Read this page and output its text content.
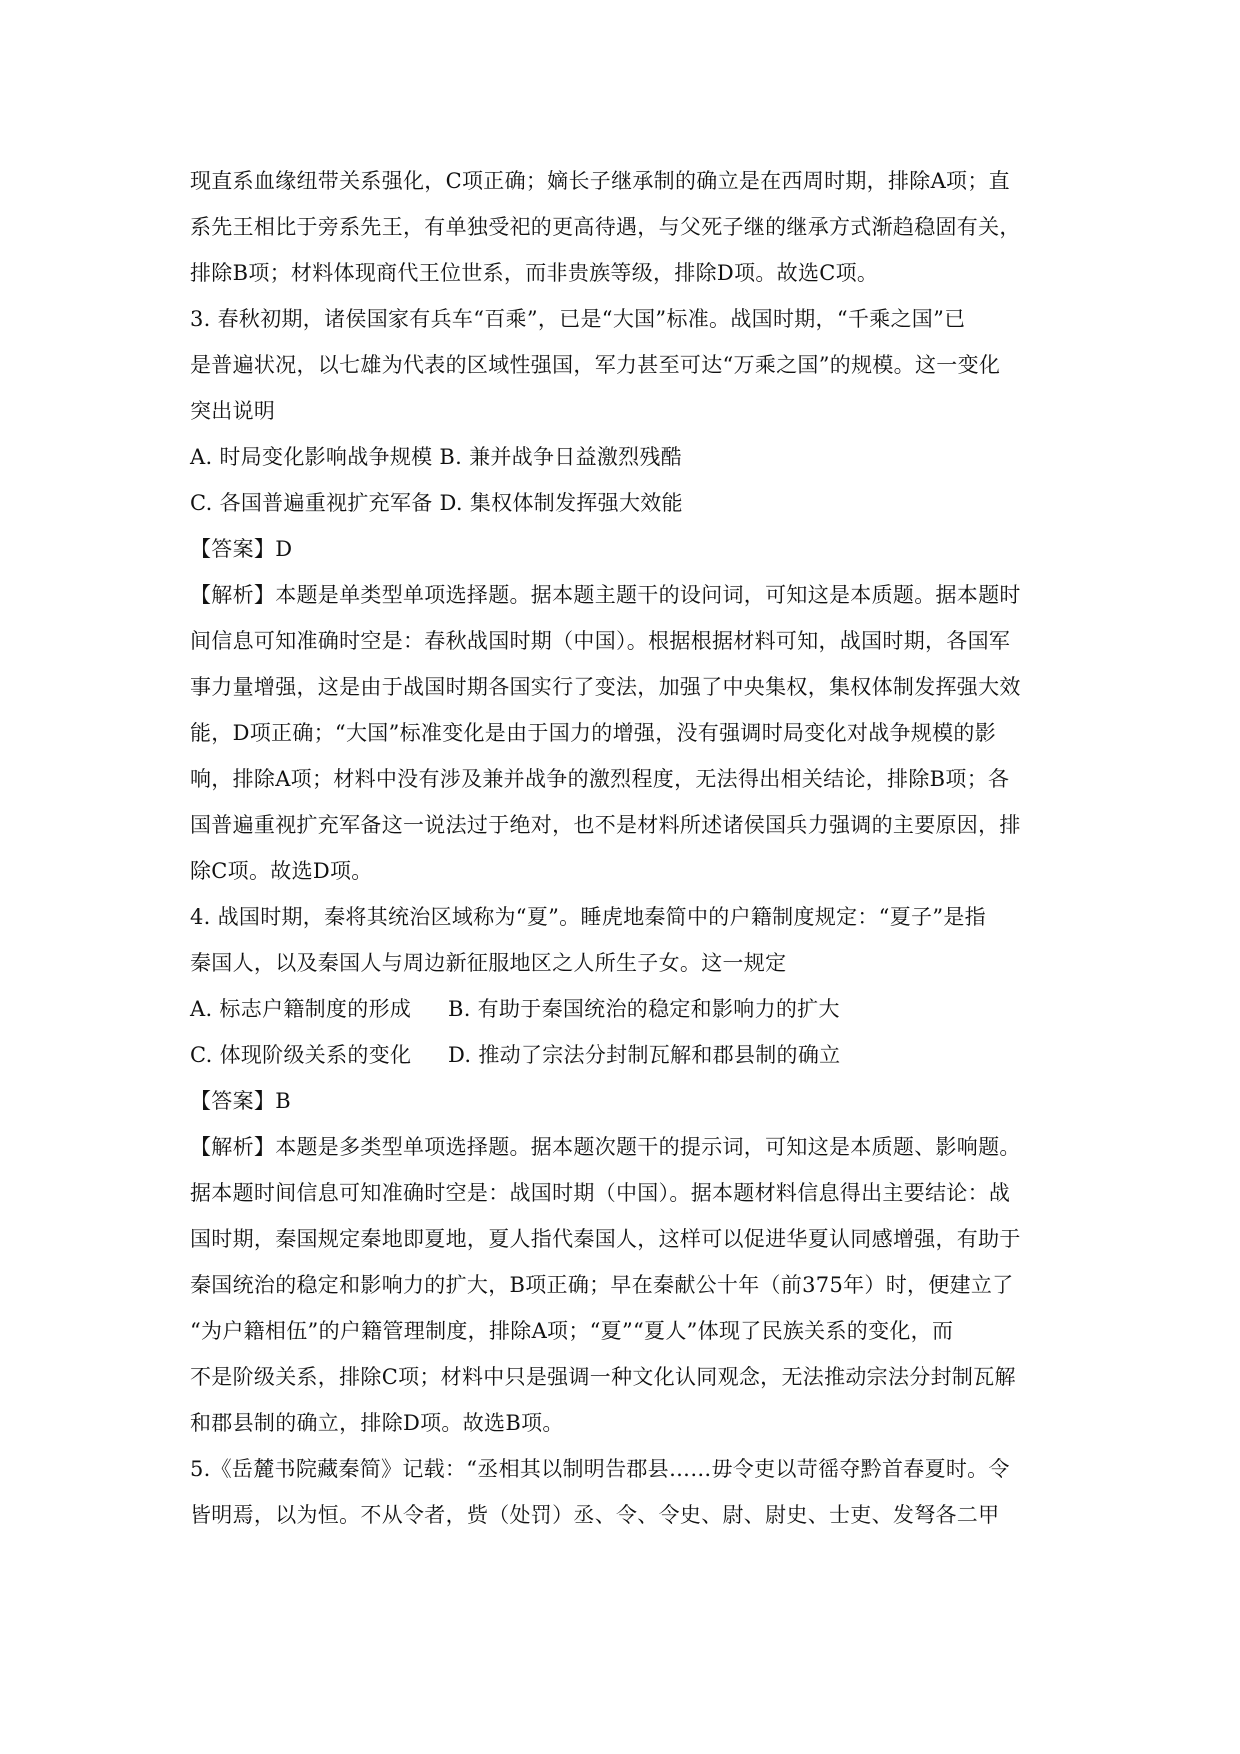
现直系血缘纽带关系强化，C项正确；嫡长子继承制的确立是在西周时期，排除A项；直
系先王相比于旁系先王，有单独受祀的更高待遇，与父死子继的继承方式渐趋稳固有关，
排除B项；材料体现商代王位世系，而非贵族等级，排除D项。故选C项。
3. 春秋初期，诸侯国家有兵车“百乘”，已是“大国”标准。战国时期，“千乘之国”已
是普遍状况，以七雄为代表的区域性强国，军力甚至可达“万乘之国”的规模。这一变化
突出说明
A. 时局变化影响战争规模 B. 兼并战争日益激烈残酷
C. 各国普遍重视扩充军备 D. 集权体制发挥强大效能
【答案】D
【解析】本题是单类型单项选择题。据本题主题干的设问词，可知这是本质题。据本题时
间信息可知准确时空是：春秋战国时期（中国）。根据根据材料可知，战国时期，各国军
事力量增强，这是由于战国时期各国实行了变法，加强了中央集权，集权体制发挥强大效
能，D项正确；“大国”标准变化是由于国力的增强，没有强调时局变化对战争规模的影
响，排除A项；材料中没有涉及兼并战争的激烈程度，无法得出相关结论，排除B项；各
国普遍重视扩充军备这一说法过于绝对，也不是材料所述诸侯国兵力强调的主要原因，排
除C项。故选D项。
4. 战国时期，秦将其统治区域称为“夏”。睡虎地秦简中的户籍制度规定：“夏子”是指
秦国人，以及秦国人与周边新征服地区之人所生子女。这一规定
A. 标志户籍制度的形成 B. 有助于秦国统治的稳定和影响力的扩大
C. 体现阶级关系的变化 D. 推动了宗法分封制瓦解和郡县制的确立
【答案】B
【解析】本题是多类型单项选择题。据本题次题干的提示词，可知这是本质题、影响题。
据本题时间信息可知准确时空是：战国时期（中国）。据本题材料信息得出主要结论：战
国时期，秦国规定秦地即夏地，夏人指代秦国人，这样可以促进华夏认同感增强，有助于
秦国统治的稳定和影响力的扩大，B项正确；早在秦献公十年（前375年）时，便建立了
“为户籍相伍”的户籍管理制度，排除A项；“夏”“夏人”体现了民族关系的变化，而
不是阶级关系，排除C项；材料中只是强调一种文化认同观念，无法推动宗法分封制瓦解
和郡县制的确立，排除D项。故选B项。
5.《岳麓书院藏秦简》记载：“丞相其以制明告郡县……毋令吏以苛徭夺黔首春夏时。令
皆明焉，以为恒。不从令者，赀（处罚）丞、令、令史、尉、尉史、士吏、发弩各二甲
